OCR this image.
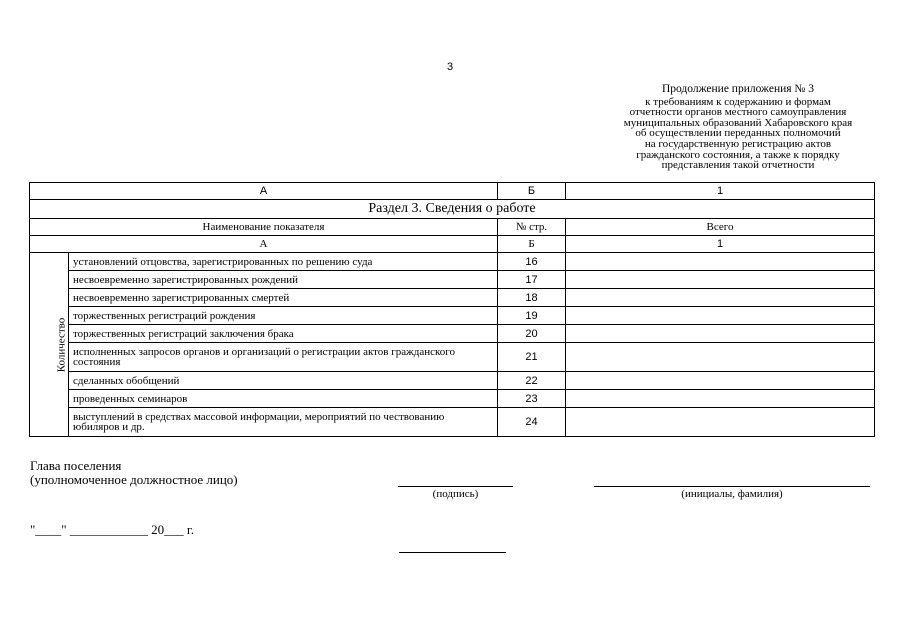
3
Продолжение приложения № 3
к требованиям к содержанию и формам
отчетности органов местного самоуправления
муниципальных образований Хабаровского края
об осуществлении переданных полномочий
на государственную регистрацию актов
гражданского состояния, а также к порядку
представления такой отчетности
А		Б	1
Раздел 3. Сведения о работе			
Наименование показателя		№ стр.	Всего
А		Б	1
Количество	установлений отцовства, зарегистрированных по решению суда	16	
	несвоевременно зарегистрированных рождений	17	
	несвоевременно зарегистрированных смертей	18	
	торжественных регистраций рождения	19	
	торжественных регистраций заключения брака	20	
	исполненных запросов органов и организаций о регистрации актов гражданского состояния	21	
	сделанных обобщений	22	
	проведенных семинаров	23	
	выступлений в средствах массовой информации, мероприятий по чествованию юбиляров и др.	24	
Глава поселения
(уполномоченное должностное лицо)
(подпись)	(инициалы, фамилия)
"____" ____________ 20___ г.
